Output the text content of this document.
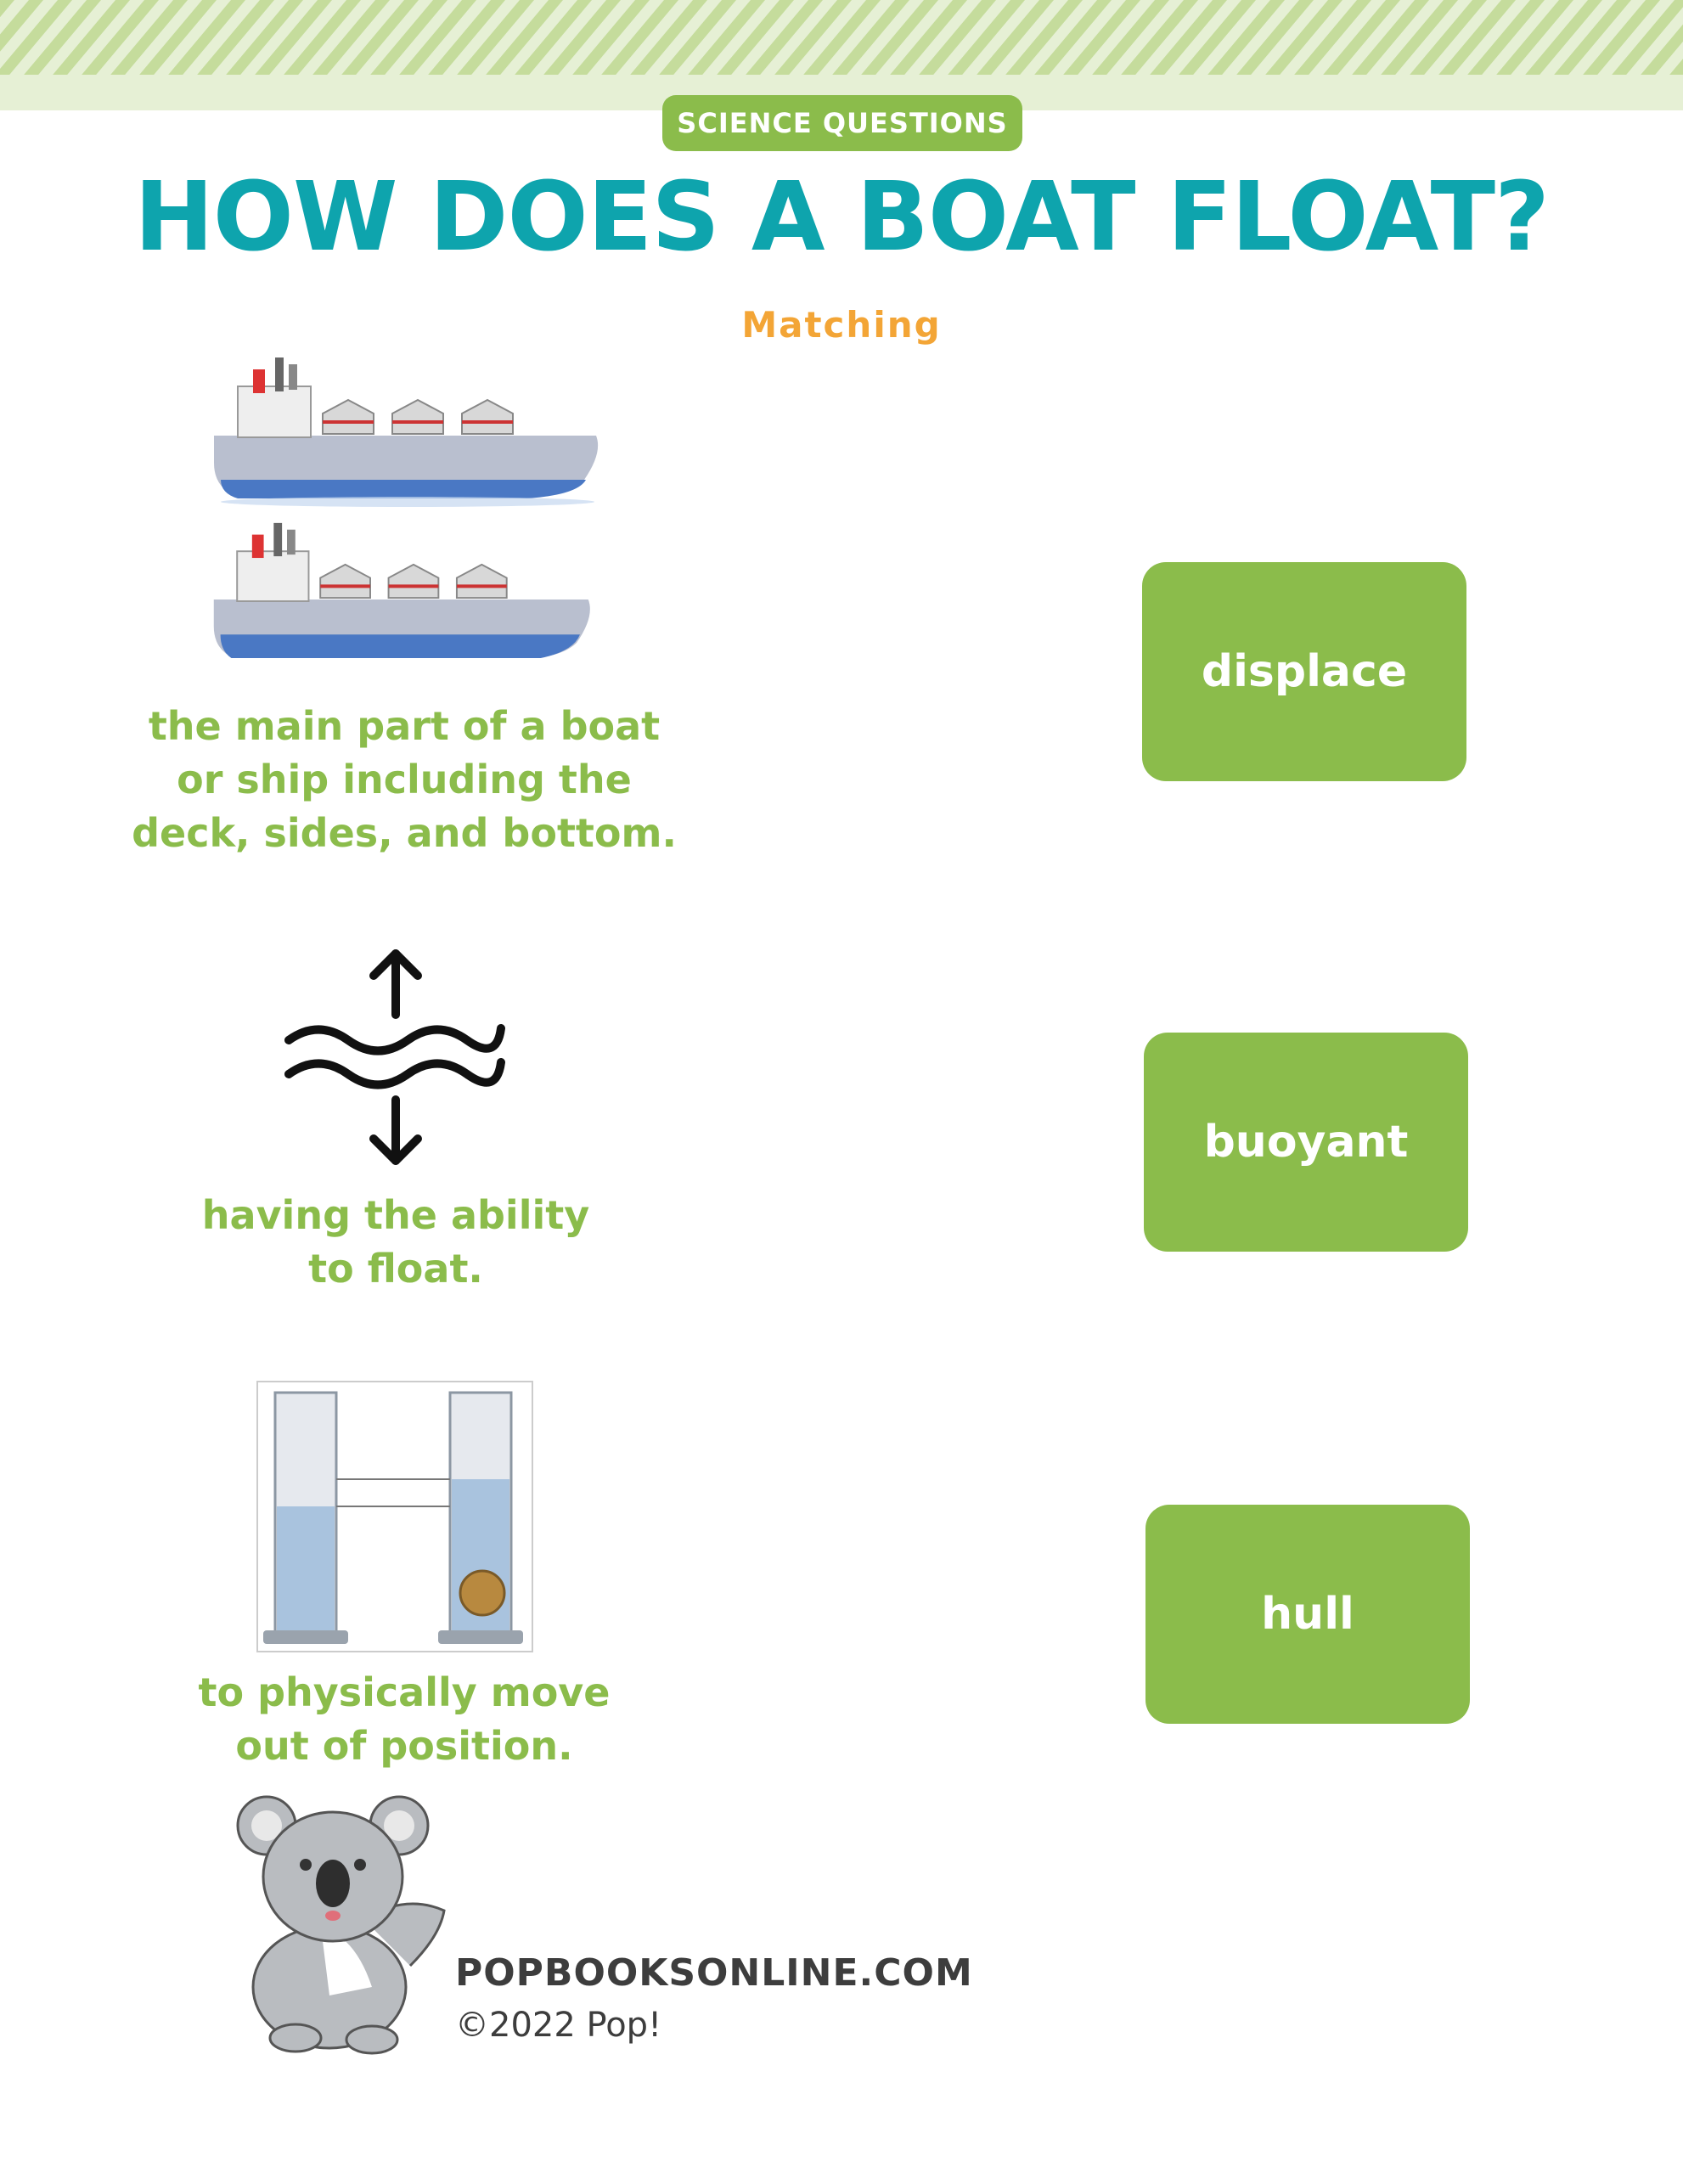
SCIENCE QUESTIONS
HOW DOES A BOAT FLOAT?
Matching
the main part of a boat
or ship including the
deck, sides, and bottom.
having the ability
to float.
to physically move
out of position.
displace
buoyant
hull
POPBOOKSONLINE.COM
©2022 Pop!
